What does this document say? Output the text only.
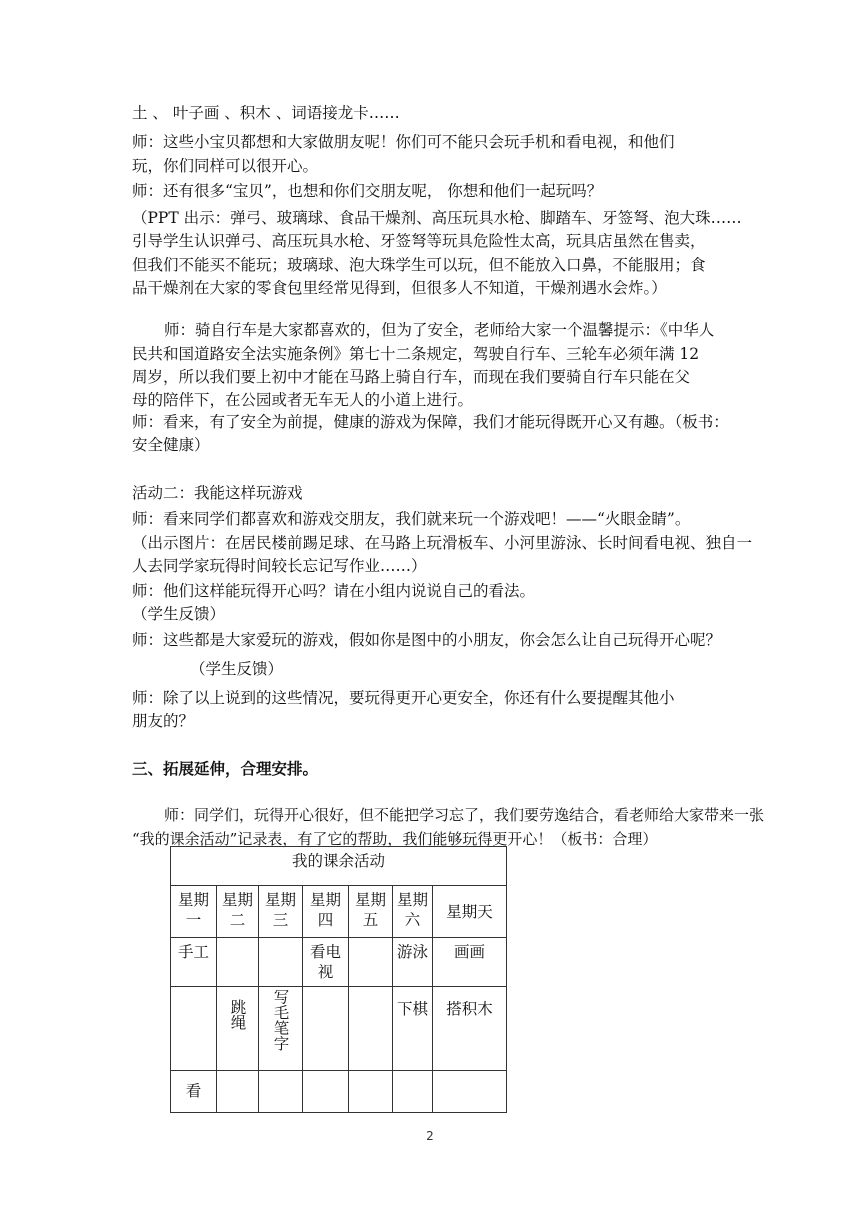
土 、 叶子画 、积木 、词语接龙卡……
师：这些小宝贝都想和大家做朋友呢！你们可不能只会玩手机和看电视，和他们
玩，你们同样可以很开心。
师：还有很多“宝贝”，也想和你们交朋友呢， 你想和他们一起玩吗？
（PPT 出示：弹弓、玻璃球、食品干燥剂、高压玩具水枪、脚踏车、牙签弩、泡大珠……
引导学生认识弹弓、高压玩具水枪、牙签弩等玩具危险性太高，玩具店虽然在售卖，
但我们不能买不能玩；玻璃球、泡大珠学生可以玩，但不能放入口鼻，不能服用；食
品干燥剂在大家的零食包里经常见得到，但很多人不知道，干燥剂遇水会炸。）
师：骑自行车是大家都喜欢的，但为了安全，老师给大家一个温馨提示：《中华人
民共和国道路安全法实施条例》第七十二条规定，驾驶自行车、三轮车必须年满 12
周岁，所以我们要上初中才能在马路上骑自行车，而现在我们要骑自行车只能在父
母的陪伴下，在公园或者无车无人的小道上进行。
师：看来，有了安全为前提，健康的游戏为保障，我们才能玩得既开心又有趣。（板书：
安全健康）
活动二：我能这样玩游戏
师：看来同学们都喜欢和游戏交朋友，我们就来玩一个游戏吧！——“火眼金睛”。
（出示图片：在居民楼前踢足球、在马路上玩滑板车、小河里游泳、长时间看电视、独自一
人去同学家玩得时间较长忘记写作业……）
师：他们这样能玩得开心吗？请在小组内说说自己的看法。
（学生反馈）
师：这些都是大家爱玩的游戏，假如你是图中的小朋友，你会怎么让自己玩得开心呢？
（学生反馈）
师：除了以上说到的这些情况，要玩得更开心更安全，你还有什么要提醒其他小
朋友的？
三、拓展延伸，合理安排。
师：同学们，玩得开心很好，但不能把学习忘了，我们要劳逸结合，看老师给大家带来一张
“我的课余活动”记录表，有了它的帮助，我们能够玩得更开心！（板书：合理）
我的课余活动						
星期一	星期二	星期三	星期四	星期五	星期六	星期天
手工			看电视		游泳	画画
	跳绳	写毛笔字			下棋	搭积木
看						
2
